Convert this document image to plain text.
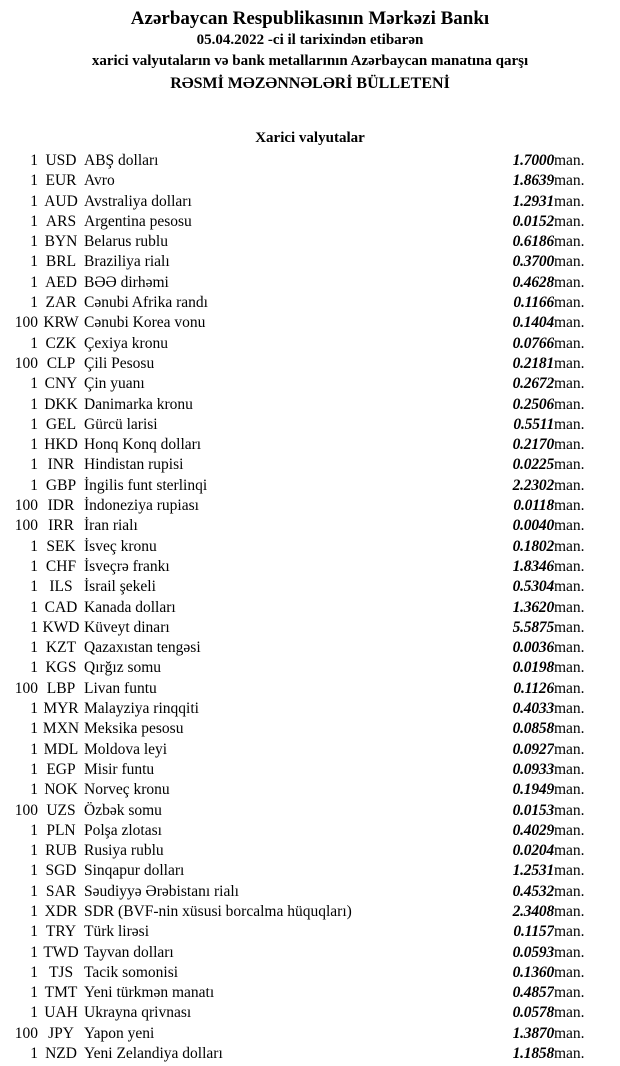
Azərbaycan Respublikasının Mərkəzi Bankı
05.04.2022 -ci il tarixindən etibarən
xarici valyutaların və bank metallarının Azərbaycan manatına qarşı
RƏSMİ MƏZƏNNƏLƏRİ BÜLLETENİ
Xarici valyutalar
1	USD	ABŞ dolları	1.7000	man.
1	EUR	Avro	1.8639	man.
1	AUD	Avstraliya dolları	1.2931	man.
1	ARS	Argentina pesosu	0.0152	man.
1	BYN	Belarus rublu	0.6186	man.
1	BRL	Braziliya rialı	0.3700	man.
1	AED	BƏƏ dirhəmi	0.4628	man.
1	ZAR	Cənubi Afrika randı	0.1166	man.
100	KRW	Cənubi Korea vonu	0.1404	man.
1	CZK	Çexiya kronu	0.0766	man.
100	CLP	Çili Pesosu	0.2181	man.
1	CNY	Çin yuanı	0.2672	man.
1	DKK	Danimarka kronu	0.2506	man.
1	GEL	Gürcü larisi	0.5511	man.
1	HKD	Honq Konq dolları	0.2170	man.
1	INR	Hindistan rupisi	0.0225	man.
1	GBP	İngilis funt sterlinqi	2.2302	man.
100	IDR	İndoneziya rupiası	0.0118	man.
100	IRR	İran rialı	0.0040	man.
1	SEK	İsveç kronu	0.1802	man.
1	CHF	İsveçrə frankı	1.8346	man.
1	ILS	İsrail şekeli	0.5304	man.
1	CAD	Kanada dolları	1.3620	man.
1	KWD	Küveyt dinarı	5.5875	man.
1	KZT	Qazaxıstan tengəsi	0.0036	man.
1	KGS	Qırğız somu	0.0198	man.
100	LBP	Livan funtu	0.1126	man.
1	MYR	Malayziya rinqqiti	0.4033	man.
1	MXN	Meksika pesosu	0.0858	man.
1	MDL	Moldova leyi	0.0927	man.
1	EGP	Misir funtu	0.0933	man.
1	NOK	Norveç kronu	0.1949	man.
100	UZS	Özbək somu	0.0153	man.
1	PLN	Polşa zlotası	0.4029	man.
1	RUB	Rusiya rublu	0.0204	man.
1	SGD	Sinqapur dolları	1.2531	man.
1	SAR	Səudiyyə Ərəbistanı rialı	0.4532	man.
1	XDR	SDR (BVF-nin xüsusi borcalma hüquqları)	2.3408	man.
1	TRY	Türk lirəsi	0.1157	man.
1	TWD	Tayvan dolları	0.0593	man.
1	TJS	Tacik somonisi	0.1360	man.
1	TMT	Yeni türkmən manatı	0.4857	man.
1	UAH	Ukrayna qrivnası	0.0578	man.
100	JPY	Yapon yeni	1.3870	man.
1	NZD	Yeni Zelandiya dolları	1.1858	man.
